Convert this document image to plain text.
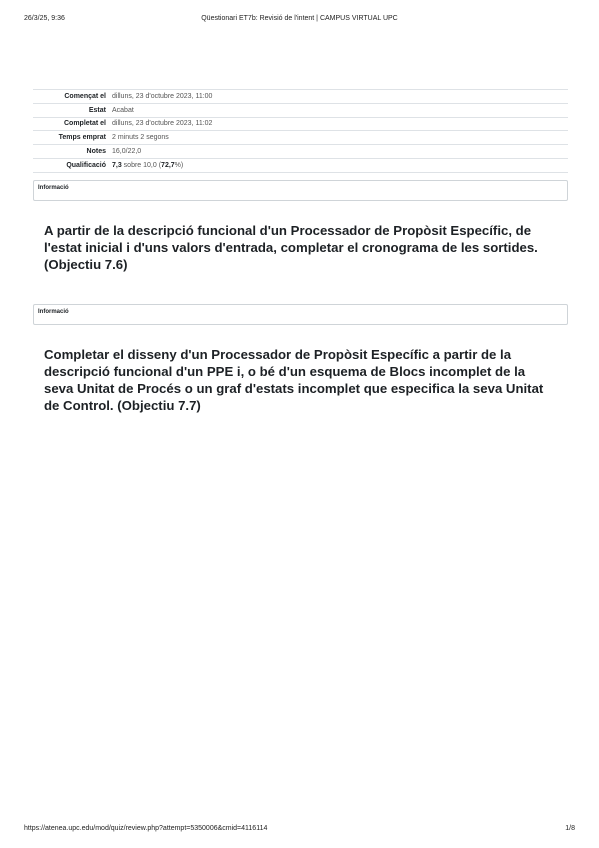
26/3/25, 9:36	Qüestionari ET7b: Revisió de l'intent | CAMPUS VIRTUAL UPC
Començat el	dilluns, 23 d'octubre 2023, 11:00
Estat	Acabat
Completat el	dilluns, 23 d'octubre 2023, 11:02
Temps emprat	2 minuts 2 segons
Notes	16,0/22,0
Qualificació	7,3 sobre 10,0 (72,7%)
Informació
A partir de la descripció funcional d'un Processador de Propòsit Específic, de l'estat inicial i d'uns valors d'entrada, completar el cronograma de les sortides. (Objectiu 7.6)
Informació
Completar el disseny d'un Processador de Propòsit Específic a partir de la descripció funcional d'un PPE i, o bé d'un esquema de Blocs incomplet de la seva Unitat de Procés o un graf d'estats incomplet que especifica la seva Unitat de Control. (Objectiu 7.7)
https://atenea.upc.edu/mod/quiz/review.php?attempt=5350006&cmid=4116114	1/8
